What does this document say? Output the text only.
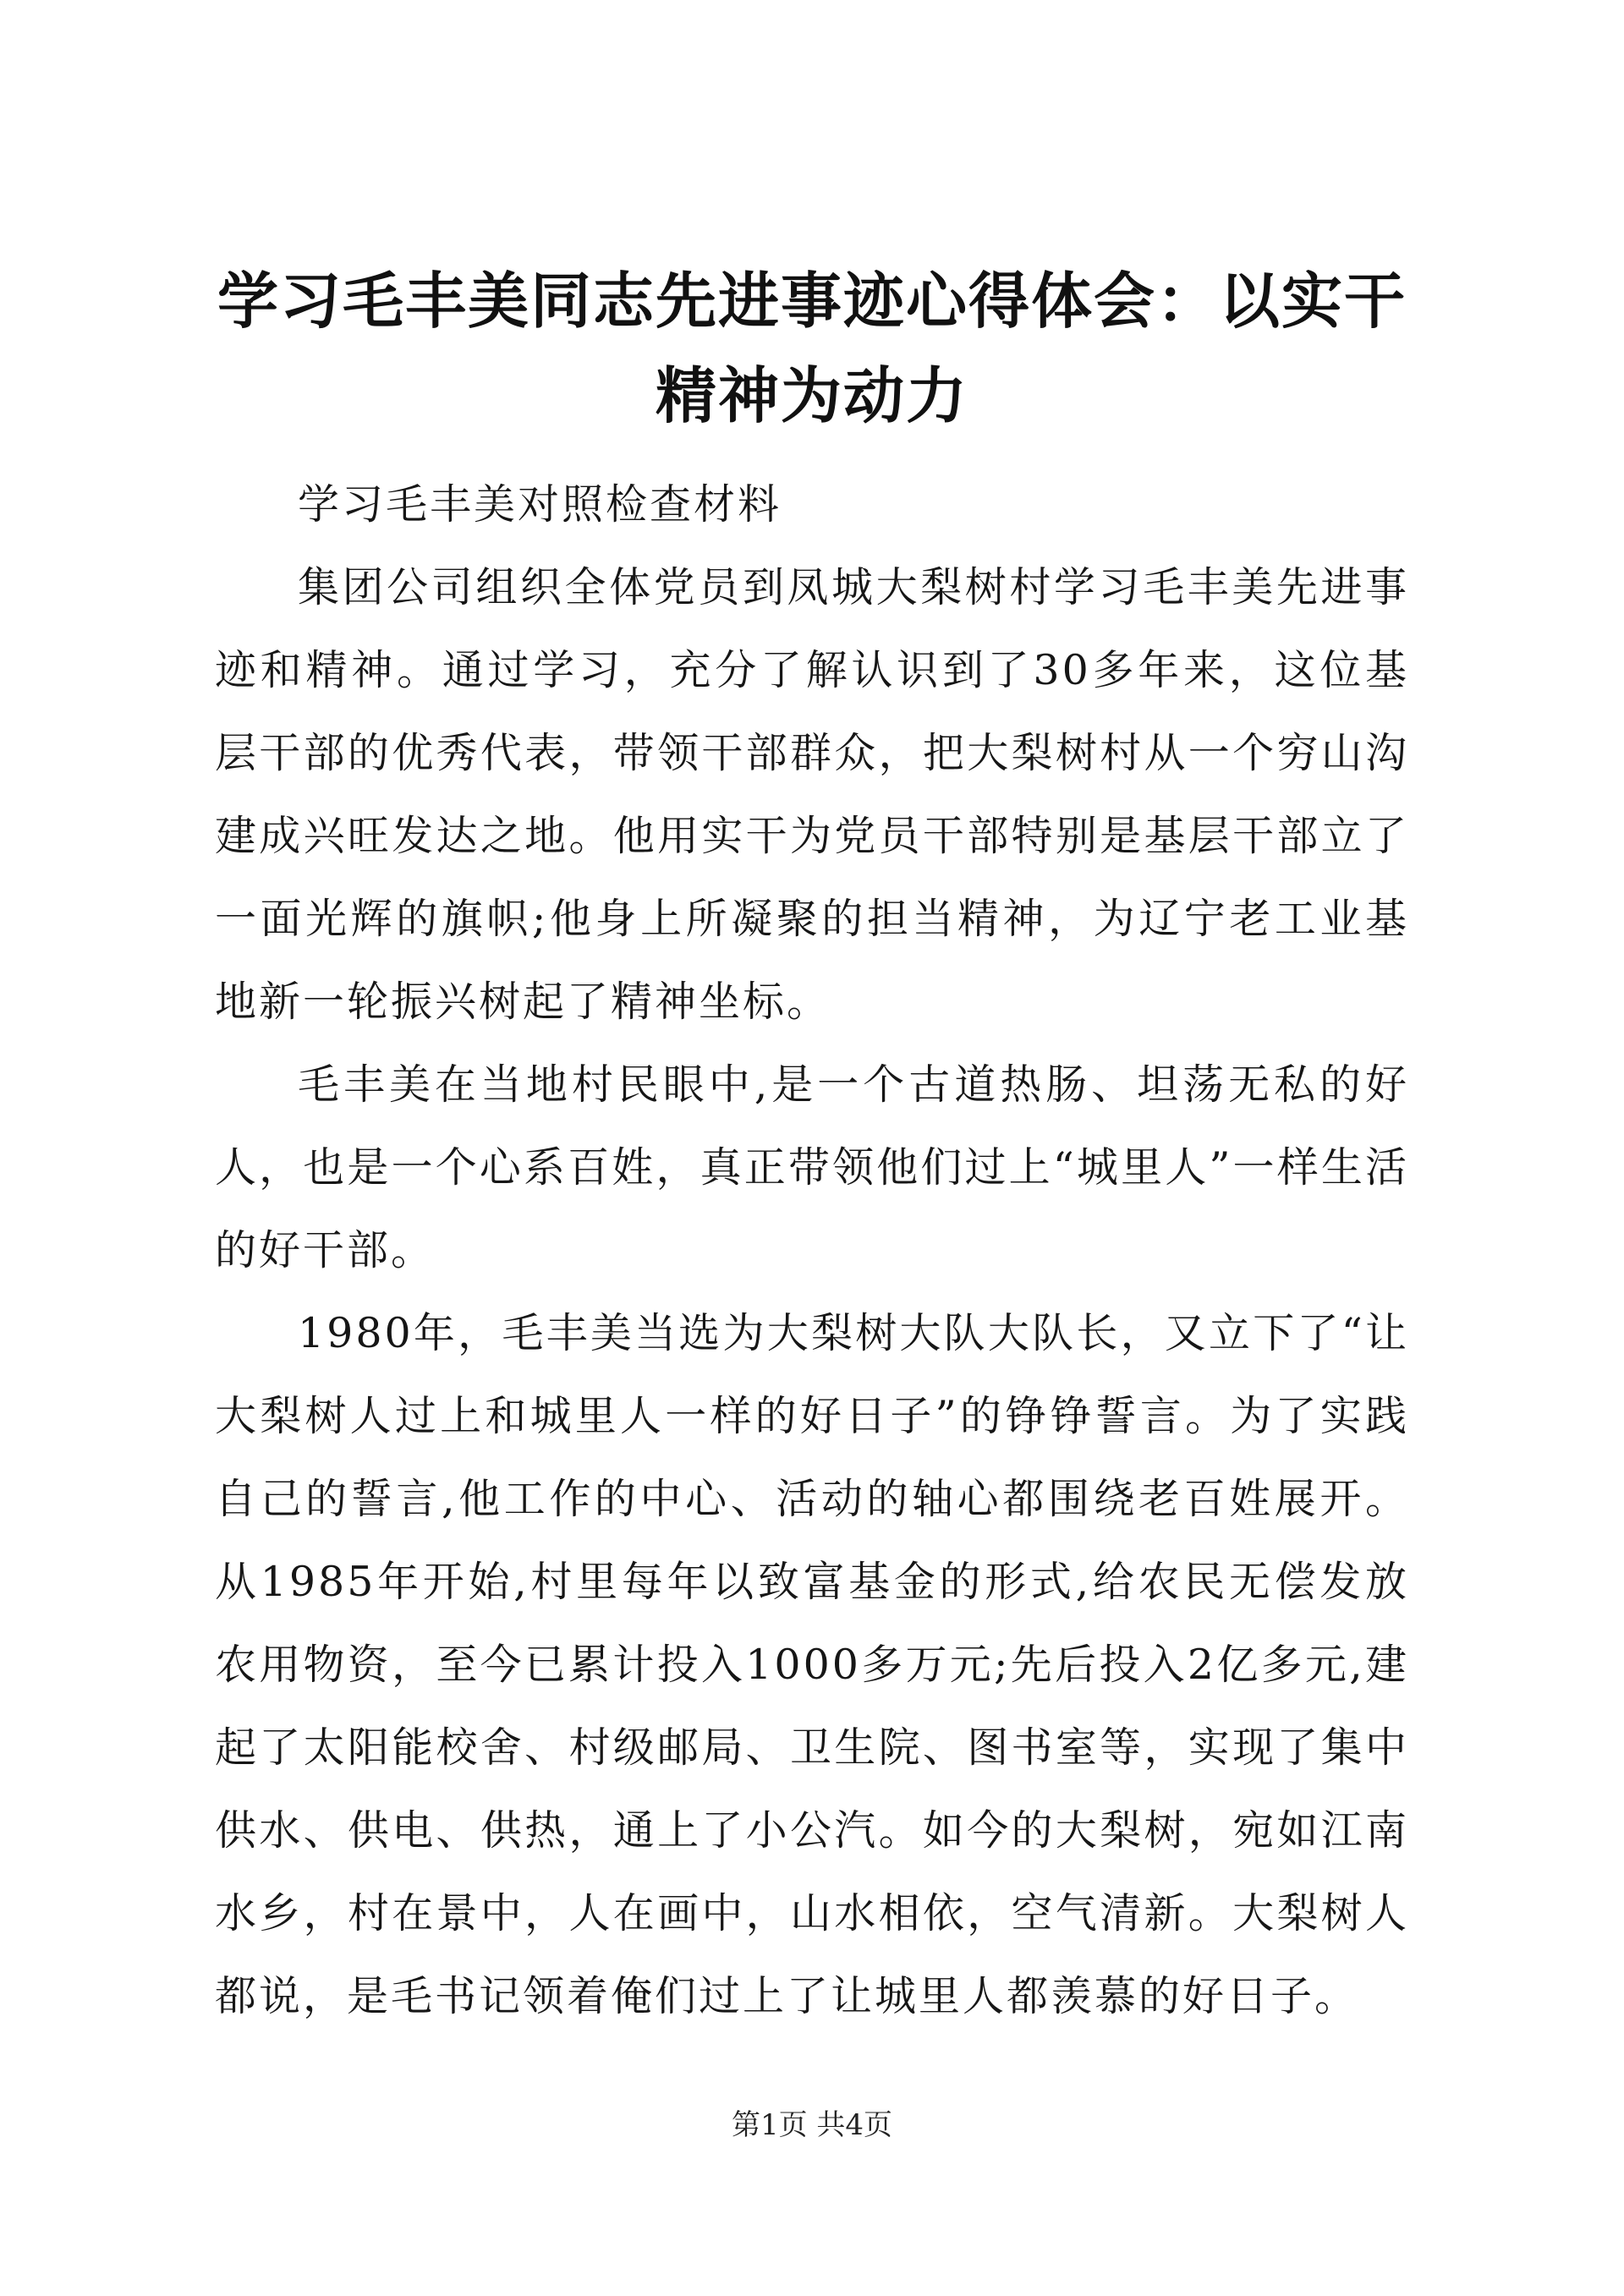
学习毛丰美同志先进事迹心得体会：以实干精神为动力

学习毛丰美对照检查材料

集团公司组织全体党员到凤城大梨树村学习毛丰美先进事迹和精神。通过学习，充分了解认识到了30多年来，这位基层干部的优秀代表，带领干部群众，把大梨树村从一个穷山沟建成兴旺发达之地。他用实干为党员干部特别是基层干部立了一面光辉的旗帜;他身上所凝聚的担当精神，为辽宁老工业基地新一轮振兴树起了精神坐标。

毛丰美在当地村民眼中,是一个古道热肠、坦荡无私的好人，也是一个心系百姓，真正带领他们过上“城里人”一样生活的好干部。

1980年，毛丰美当选为大梨树大队大队长，又立下了“让大梨树人过上和城里人一样的好日子”的铮铮誓言。为了实践自己的誓言,他工作的中心、活动的轴心都围绕老百姓展开。从1985年开始,村里每年以致富基金的形式,给农民无偿发放农用物资，至今已累计投入1000多万元;先后投入2亿多元,建起了太阳能校舍、村级邮局、卫生院、图书室等，实现了集中供水、供电、供热，通上了小公汽。如今的大梨树，宛如江南水乡，村在景中，人在画中，山水相依，空气清新。大梨树人都说，是毛书记领着俺们过上了让城里人都羡慕的好日子。

第1页 共4页
